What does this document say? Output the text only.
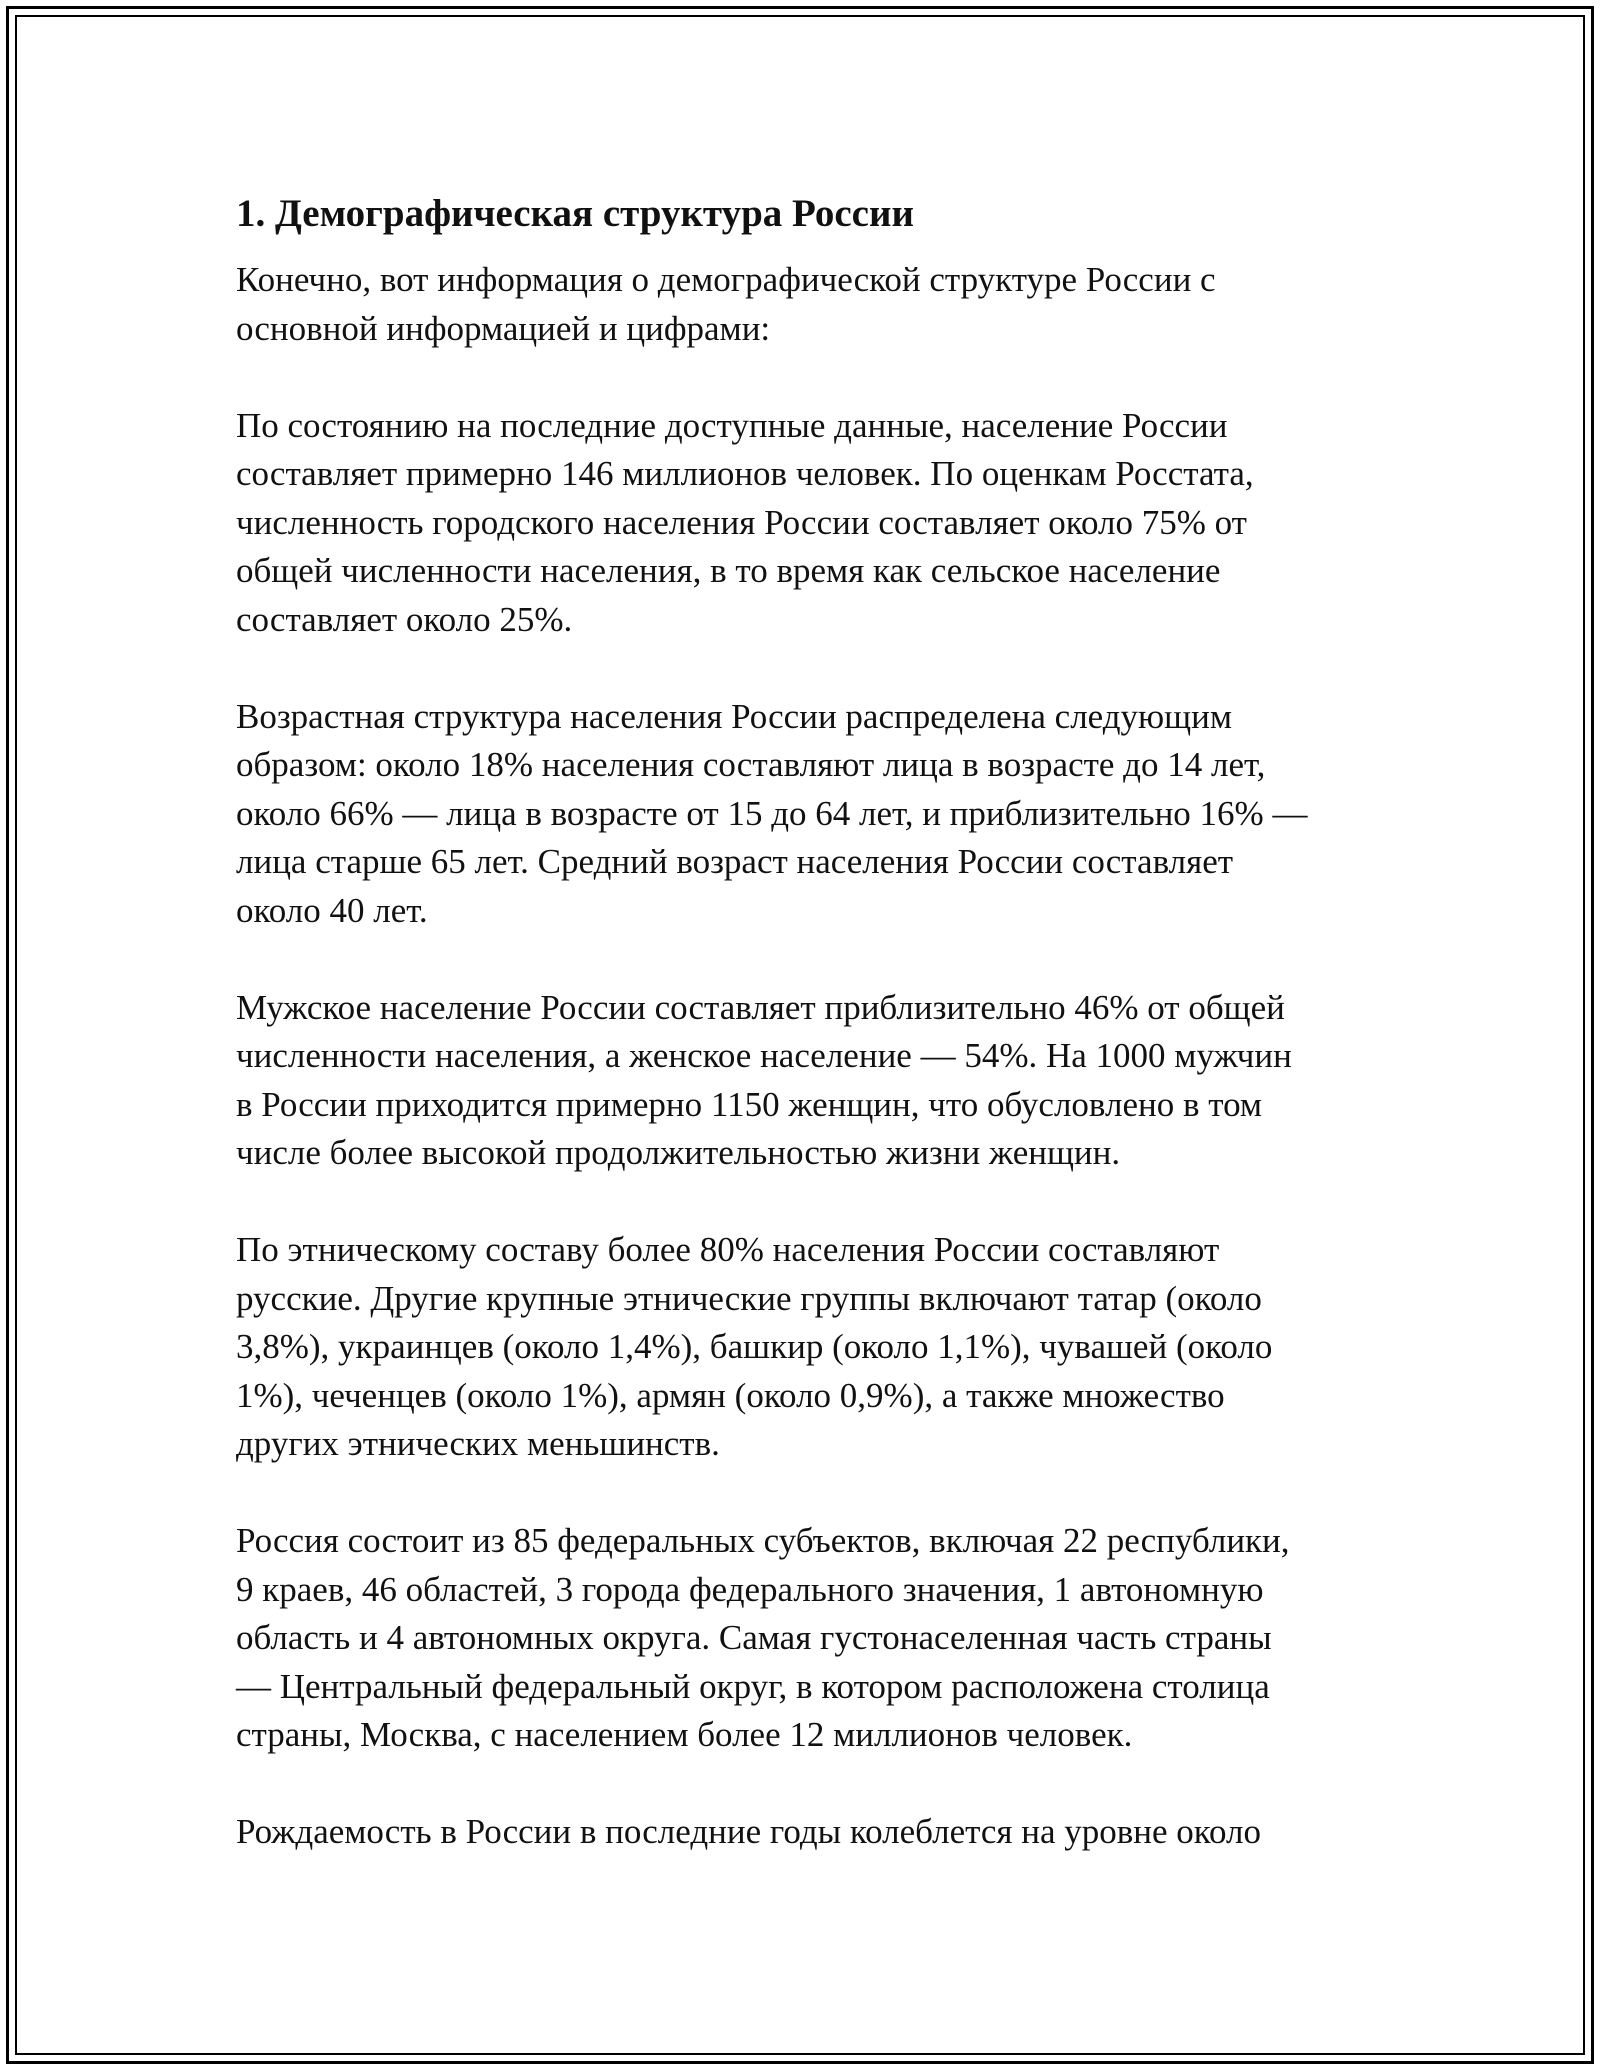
1. Демографическая структура России

Конечно, вот информация о демографической структуре России с
основной информацией и цифрами:

По состоянию на последние доступные данные, население России
составляет примерно 146 миллионов человек. По оценкам Росстата,
численность городского населения России составляет около 75% от
общей численности населения, в то время как сельское население
составляет около 25%.

Возрастная структура населения России распределена следующим
образом: около 18% населения составляют лица в возрасте до 14 лет,
около 66% — лица в возрасте от 15 до 64 лет, и приблизительно 16% —
лица старше 65 лет. Средний возраст населения России составляет
около 40 лет.

Мужское население России составляет приблизительно 46% от общей
численности населения, а женское население — 54%. На 1000 мужчин
в России приходится примерно 1150 женщин, что обусловлено в том
числе более высокой продолжительностью жизни женщин.

По этническому составу более 80% населения России составляют
русские. Другие крупные этнические группы включают татар (около
3,8%), украинцев (около 1,4%), башкир (около 1,1%), чувашей (около
1%), чеченцев (около 1%), армян (около 0,9%), а также множество
других этнических меньшинств.

Россия состоит из 85 федеральных субъектов, включая 22 республики,
9 краев, 46 областей, 3 города федерального значения, 1 автономную
область и 4 автономных округа. Самая густонаселенная часть страны
— Центральный федеральный округ, в котором расположена столица
страны, Москва, с населением более 12 миллионов человек.

Рождаемость в России в последние годы колеблется на уровне около
